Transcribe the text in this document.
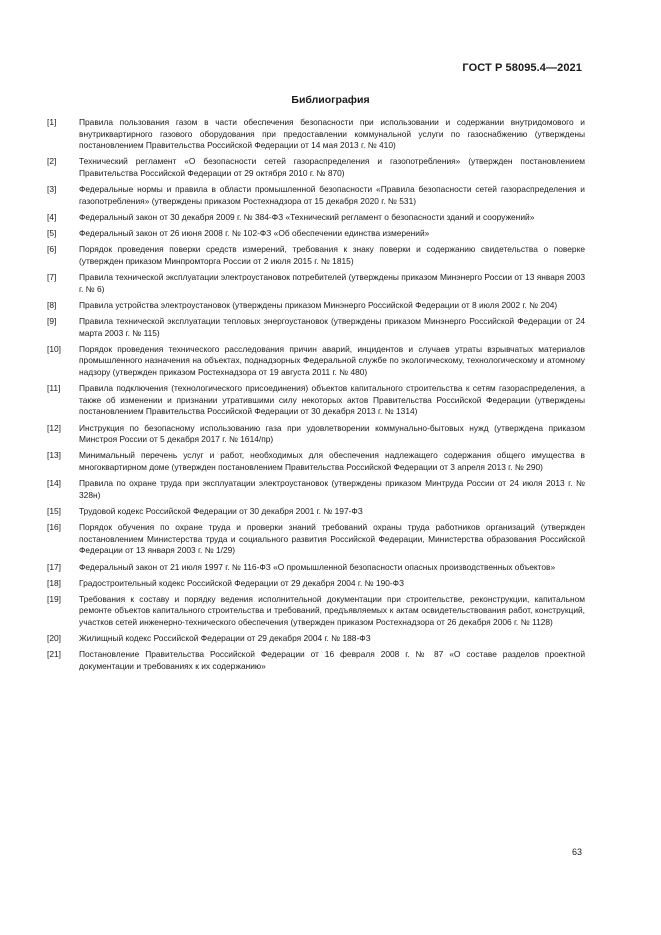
ГОСТ Р 58095.4—2021
Библиография
[1]	Правила пользования газом в части обеспечения безопасности при использовании и содержании внутридомового и внутриквартирного газового оборудования при предоставлении коммунальной услуги по газоснабжению (утверждены постановлением Правительства Российской Федерации от 14 мая 2013 г. № 410)
[2]	Технический регламент «О безопасности сетей газораспределения и газопотребления» (утвержден постановлением Правительства Российской Федерации от 29 октября 2010 г. № 870)
[3]	Федеральные нормы и правила в области промышленной безопасности «Правила безопасности сетей газораспределения и газопотребления» (утверждены приказом Ростехнадзора от 15 декабря 2020 г. № 531)
[4]	Федеральный закон от 30 декабря 2009 г. № 384-ФЗ «Технический регламент о безопасности зданий и сооружений»
[5]	Федеральный закон от 26 июня 2008 г. № 102-ФЗ «Об обеспечении единства измерений»
[6]	Порядок проведения поверки средств измерений, требования к знаку поверки и содержанию свидетельства о поверке (утвержден приказом Минпромторга России от 2 июля 2015 г. № 1815)
[7]	Правила технической эксплуатации электроустановок потребителей (утверждены приказом Минэнерго России от 13 января 2003 г. № 6)
[8]	Правила устройства электроустановок (утверждены приказом Минэнерго Российской Федерации от 8 июля 2002 г. № 204)
[9]	Правила технической эксплуатации тепловых энергоустановок (утверждены приказом Минэнерго Российской Федерации от 24 марта 2003 г. № 115)
[10]	Порядок проведения технического расследования причин аварий, инцидентов и случаев утраты взрывчатых материалов промышленного назначения на объектах, поднадзорных Федеральной службе по экологическому, технологическому и атомному надзору (утвержден приказом Ростехнадзора от 19 августа 2011 г. № 480)
[11]	Правила подключения (технологического присоединения) объектов капитального строительства к сетям газораспределения, а также об изменении и признании утратившими силу некоторых актов Правительства Российской Федерации (утверждены постановлением Правительства Российской Федерации от 30 декабря 2013 г. № 1314)
[12]	Инструкция по безопасному использованию газа при удовлетворении коммунально-бытовых нужд (утверждена приказом Минстроя России от 5 декабря 2017 г. № 1614/пр)
[13]	Минимальный перечень услуг и работ, необходимых для обеспечения надлежащего содержания общего имущества в многоквартирном доме (утвержден постановлением Правительства Российской Федерации от 3 апреля 2013 г. № 290)
[14]	Правила по охране труда при эксплуатации электроустановок (утверждены приказом Минтруда России от 24 июля 2013 г. № 328н)
[15]	Трудовой кодекс Российской Федерации от 30 декабря 2001 г. № 197-ФЗ
[16]	Порядок обучения по охране труда и проверки знаний требований охраны труда работников организаций (утвержден постановлением Министерства труда и социального развития Российской Федерации, Министерства образования Российской Федерации от 13 января 2003 г. № 1/29)
[17]	Федеральный закон от 21 июля 1997 г. № 116-ФЗ «О промышленной безопасности опасных производственных объектов»
[18]	Градостроительный кодекс Российской Федерации от 29 декабря 2004 г. № 190-ФЗ
[19]	Требования к составу и порядку ведения исполнительной документации при строительстве, реконструкции, капитальном ремонте объектов капитального строительства и требований, предъявляемых к актам освидетельствования работ, конструкций, участков сетей инженерно-технического обеспечения (утвержден приказом Ростехнадзора от 26 декабря 2006 г. № 1128)
[20]	Жилищный кодекс Российской Федерации от 29 декабря 2004 г. № 188-ФЗ
[21]	Постановление Правительства Российской Федерации от 16 февраля 2008 г. № 87 «О составе разделов проектной документации и требованиях к их содержанию»
63
